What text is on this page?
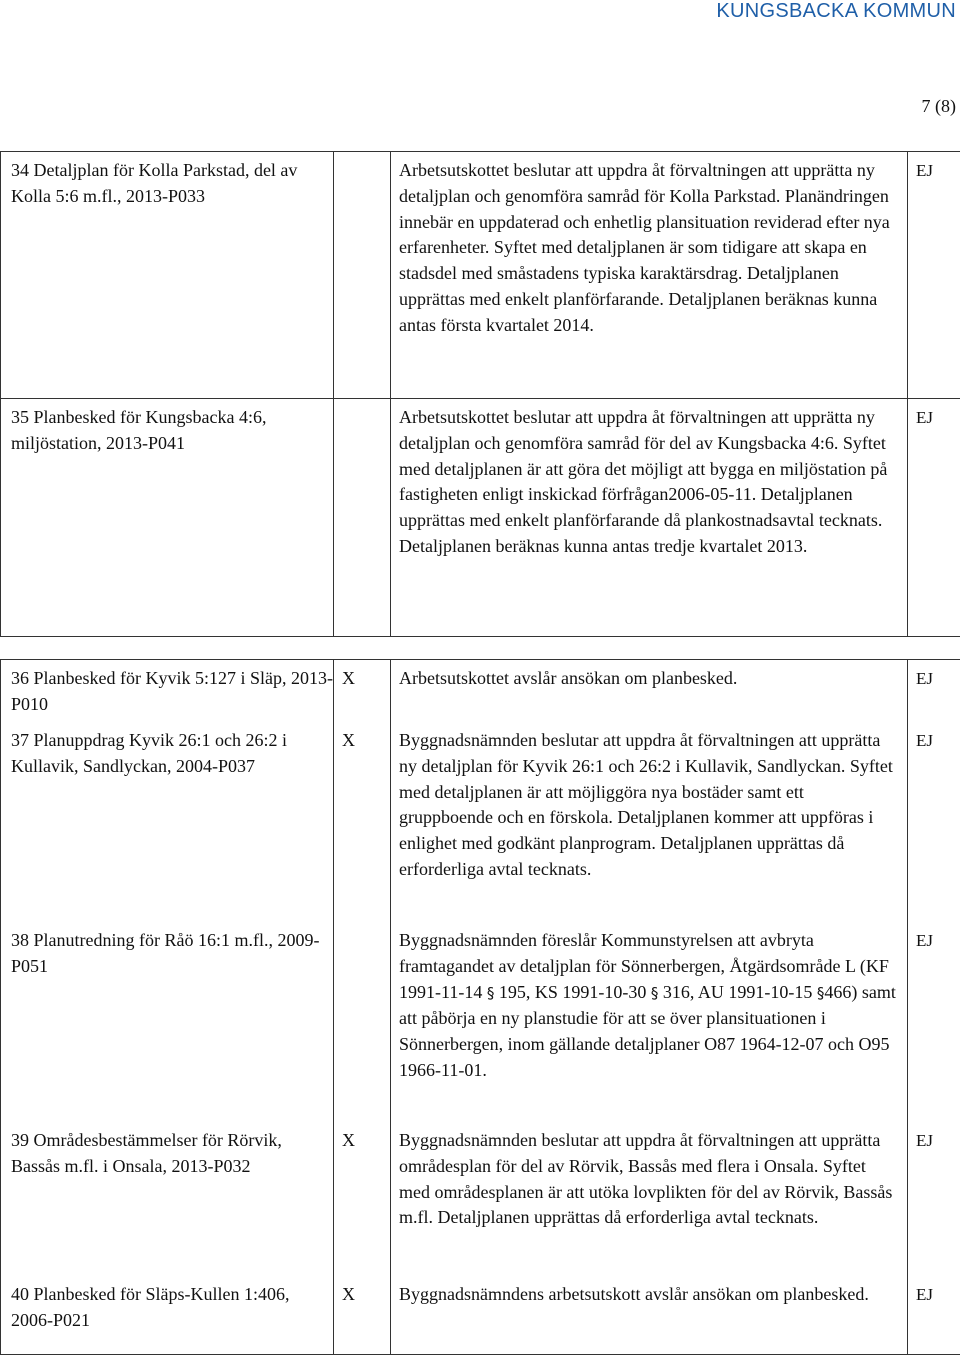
KUNGSBACKA KOMMUN
7 (8)
34 Detaljplan för Kolla Parkstad, del av Kolla 5:6 m.fl., 2013-P033		Arbetsutskottet beslutar att uppdra åt förvaltningen att upprätta ny detaljplan och genomföra samråd för Kolla Parkstad. Planändringen innebär en uppdaterad och enhetlig plansituation reviderad efter nya erfarenheter. Syftet med detaljplanen är som tidigare att skapa en stadsdel med småstadens typiska karaktärsdrag. Detaljplanen upprättas med enkelt planförfarande. Detaljplanen beräknas kunna antas första kvartalet 2014.	EJ
35 Planbesked för Kungsbacka 4:6, miljöstation, 2013-P041		Arbetsutskottet beslutar att uppdra åt förvaltningen att upprätta ny detaljplan och genomföra samråd för del av Kungsbacka 4:6. Syftet med detaljplanen är att göra det möjligt att bygga en miljöstation på fastigheten enligt inskickad förfrågan2006-05-11. Detaljplanen upprättas med enkelt planförfarande då plankostnadsavtal tecknats. Detaljplanen beräknas kunna antas tredje kvartalet 2013.	EJ
36 Planbesked för Kyvik 5:127 i Släp, 2013-P010	X	Arbetsutskottet avslår ansökan om planbesked.	EJ
37 Planuppdrag Kyvik 26:1 och 26:2 i Kullavik, Sandlyckan, 2004-P037	X	Byggnadsnämnden beslutar att uppdra åt förvaltningen att upprätta ny detaljplan för Kyvik 26:1 och 26:2 i Kullavik, Sandlyckan. Syftet med detaljplanen är att möjliggöra nya bostäder samt ett gruppboende och en förskola. Detaljplanen kommer att uppföras i enlighet med godkänt planprogram. Detaljplanen upprättas då erforderliga avtal tecknats.	EJ
38 Planutredning för Råö 16:1 m.fl., 2009-P051		Byggnadsnämnden föreslår Kommunstyrelsen att avbryta framtagandet av detaljplan för Sönnerbergen, Åtgärdsområde L (KF 1991-11-14 § 195, KS 1991-10-30 § 316, AU 1991-10-15 §466) samt att påbörja en ny planstudie för att se över plansituationen i Sönnerbergen, inom gällande detaljplaner O87 1964-12-07 och O95 1966-11-01.	EJ
39 Områdesbestämmelser för Rörvik, Bassås m.fl. i Onsala, 2013-P032	X	Byggnadsnämnden beslutar att uppdra åt förvaltningen att upprätta områdesplan för del av Rörvik, Bassås med flera i Onsala. Syftet med områdesplanen är att utöka lovplikten för del av Rörvik, Bassås m.fl. Detaljplanen upprättas då erforderliga avtal tecknats.	EJ
40 Planbesked för Släps-Kullen 1:406, 2006-P021	X	Byggnadsnämndens arbetsutskott avslår ansökan om planbesked.	EJ
